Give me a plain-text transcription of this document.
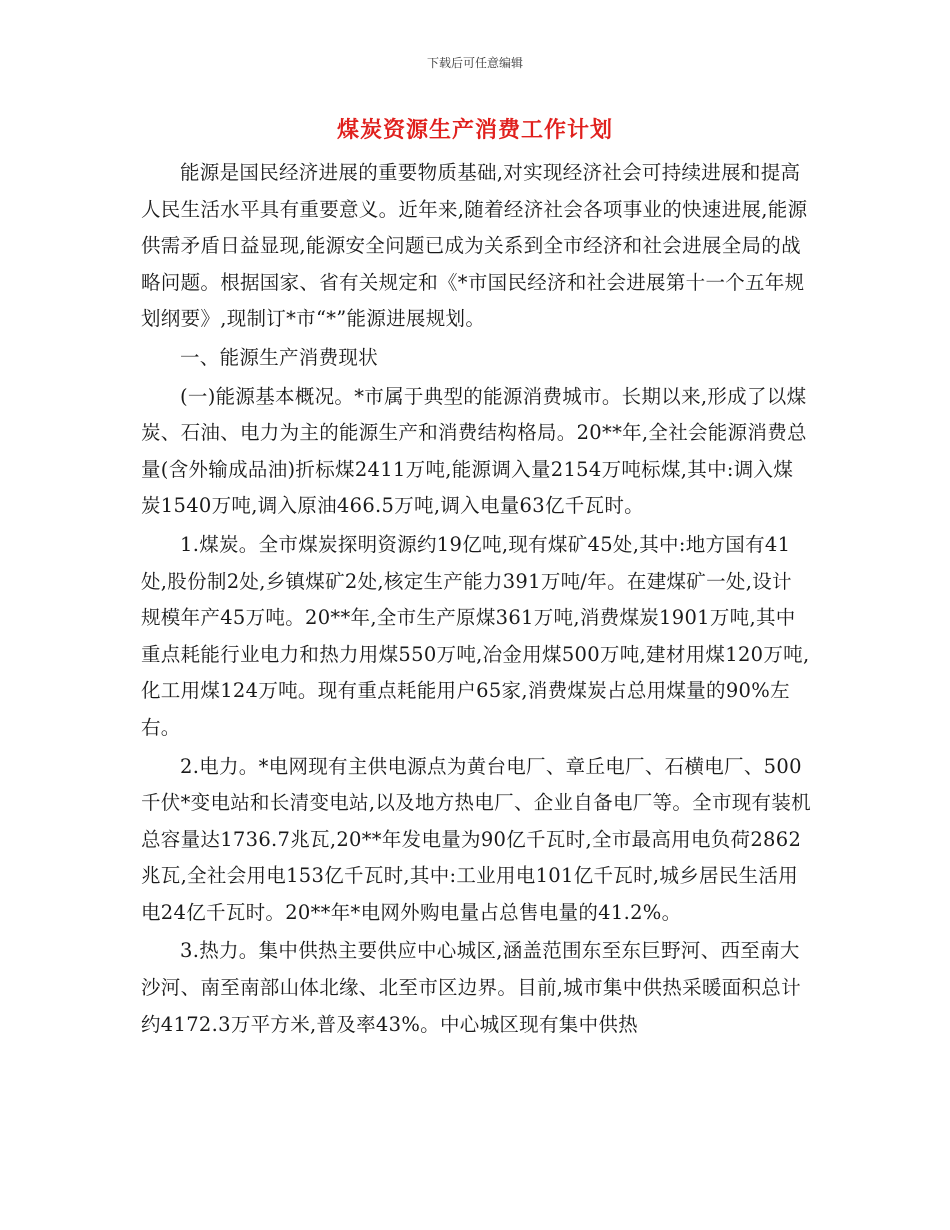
下载后可任意编辑
煤炭资源生产消费工作计划

能源是国民经济进展的重要物质基础,对实现经济社会可持续进展和提高人民生活水平具有重要意义。近年来,随着经济社会各项事业的快速进展,能源供需矛盾日益显现,能源安全问题已成为关系到全市经济和社会进展全局的战略问题。根据国家、省有关规定和《*市国民经济和社会进展第十一个五年规划纲要》,现制订*市“*”能源进展规划。

一、能源生产消费现状

(一)能源基本概况。*市属于典型的能源消费城市。长期以来,形成了以煤炭、石油、电力为主的能源生产和消费结构格局。20**年,全社会能源消费总量(含外输成品油)折标煤2411万吨,能源调入量2154万吨标煤,其中:调入煤炭1540万吨,调入原油466.5万吨,调入电量63亿千瓦时。

1.煤炭。全市煤炭探明资源约19亿吨,现有煤矿45处,其中:地方国有41处,股份制2处,乡镇煤矿2处,核定生产能力391万吨/年。在建煤矿一处,设计规模年产45万吨。20**年,全市生产原煤361万吨,消费煤炭1901万吨,其中重点耗能行业电力和热力用煤550万吨,冶金用煤500万吨,建材用煤120万吨,化工用煤124万吨。现有重点耗能用户65家,消费煤炭占总用煤量的90%左右。

2.电力。*电网现有主供电源点为黄台电厂、章丘电厂、石横电厂、500千伏*变电站和长清变电站,以及地方热电厂、企业自备电厂等。全市现有装机总容量达1736.7兆瓦,20**年发电量为90亿千瓦时,全市最高用电负荷2862兆瓦,全社会用电153亿千瓦时,其中:工业用电101亿千瓦时,城乡居民生活用电24亿千瓦时。20**年*电网外购电量占总售电量的41.2%。

3.热力。集中供热主要供应中心城区,涵盖范围东至东巨野河、西至南大沙河、南至南部山体北缘、北至市区边界。目前,城市集中供热采暖面积总计约4172.3万平方米,普及率43%。中心城区现有集中供热
